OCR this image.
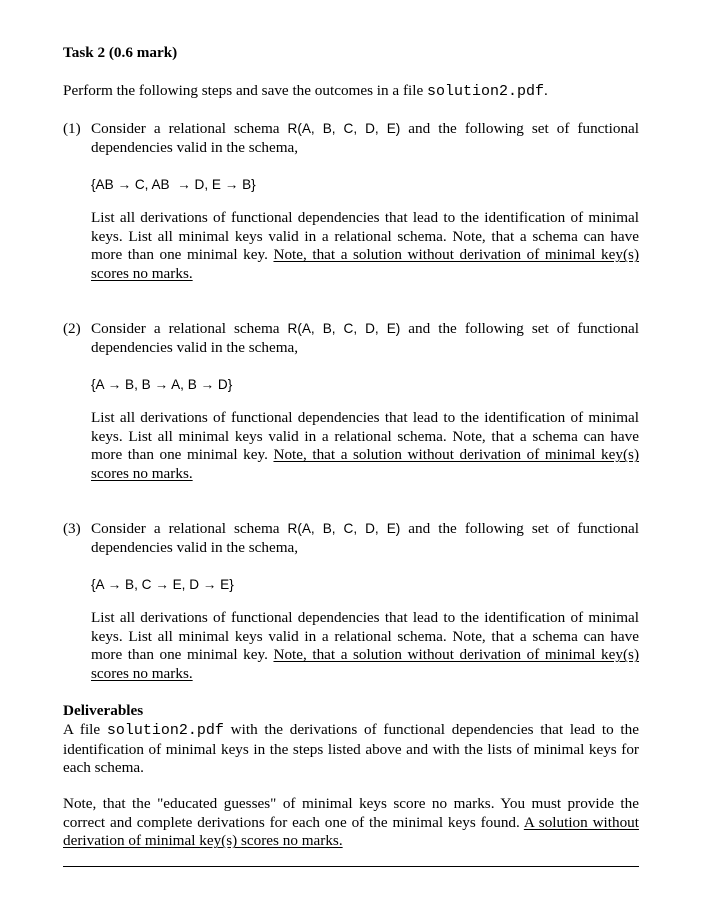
Task 2 (0.6 mark)
Perform the following steps and save the outcomes in a file solution2.pdf.
(1) Consider a relational schema R(A, B, C, D, E) and the following set of functional dependencies valid in the schema,
{AB → C, AB  → D, E → B}
List all derivations of functional dependencies that lead to the identification of minimal keys. List all minimal keys valid in a relational schema. Note, that a schema can have more than one minimal key. Note, that a solution without derivation of minimal key(s) scores no marks.
(2) Consider a relational schema R(A, B, C, D, E) and the following set of functional dependencies valid in the schema,
{A → B, B → A, B → D}
List all derivations of functional dependencies that lead to the identification of minimal keys. List all minimal keys valid in a relational schema. Note, that a schema can have more than one minimal key. Note, that a solution without derivation of minimal key(s) scores no marks.
(3) Consider a relational schema R(A, B, C, D, E) and the following set of functional dependencies valid in the schema,
{A → B, C → E, D → E}
List all derivations of functional dependencies that lead to the identification of minimal keys. List all minimal keys valid in a relational schema. Note, that a schema can have more than one minimal key. Note, that a solution without derivation of minimal key(s) scores no marks.
Deliverables
A file solution2.pdf with the derivations of functional dependencies that lead to the identification of minimal keys in the steps listed above and with the lists of minimal keys for each schema.
Note, that the "educated guesses" of minimal keys score no marks. You must provide the correct and complete derivations for each one of the minimal keys found. A solution without derivation of minimal key(s) scores no marks.
